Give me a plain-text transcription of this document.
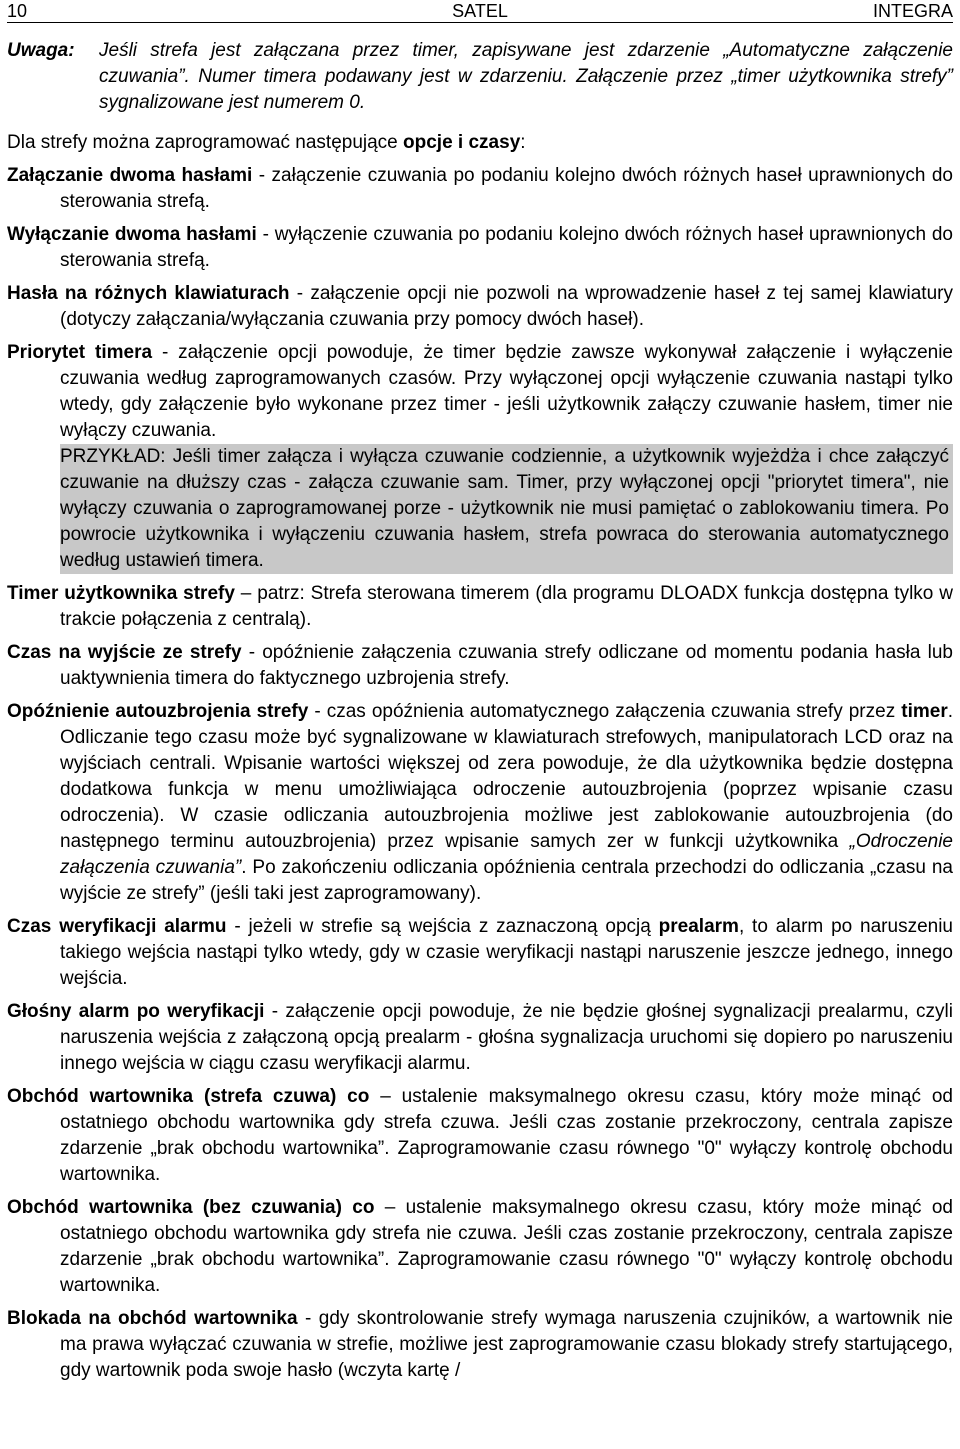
10	SATEL	INTEGRA
Uwaga: Jeśli strefa jest załączana przez timer, zapisywane jest zdarzenie „Automatyczne załączenie czuwania”. Numer timera podawany jest w zdarzeniu. Załączenie przez „timer użytkownika strefy” sygnalizowane jest numerem 0.
Dla strefy można zaprogramować następujące opcje i czasy:
Załączanie dwoma hasłami - załączenie czuwania po podaniu kolejno dwóch różnych haseł uprawnionych do sterowania strefą.
Wyłączanie dwoma hasłami - wyłączenie czuwania po podaniu kolejno dwóch różnych haseł uprawnionych do sterowania strefą.
Hasła na różnych klawiaturach - załączenie opcji nie pozwoli na wprowadzenie haseł z tej samej klawiatury (dotyczy załączania/wyłączania czuwania przy pomocy dwóch haseł).
Priorytet timera - załączenie opcji powoduje, że timer będzie zawsze wykonywał załączenie i wyłączenie czuwania według zaprogramowanych czasów. Przy wyłączonej opcji wyłączenie czuwania nastąpi tylko wtedy, gdy załączenie było wykonane przez timer - jeśli użytkownik załączy czuwanie hasłem, timer nie wyłączy czuwania.
PRZYKŁAD: Jeśli timer załącza i wyłącza czuwanie codziennie, a użytkownik wyjeżdża i chce załączyć czuwanie na dłuższy czas - załącza czuwanie sam. Timer, przy wyłączonej opcji "priorytet timera", nie wyłączy czuwania o zaprogramowanej porze - użytkownik nie musi pamiętać o zablokowaniu timera. Po powrocie użytkownika i wyłączeniu czuwania hasłem, strefa powraca do sterowania automatycznego według ustawień timera.
Timer użytkownika strefy – patrz: Strefa sterowana timerem (dla programu DLOADX funkcja dostępna tylko w trakcie połączenia z centralą).
Czas na wyjście ze strefy - opóźnienie załączenia czuwania strefy odliczane od momentu podania hasła lub uaktywnienia timera do faktycznego uzbrojenia strefy.
Opóźnienie autouzbrojenia strefy - czas opóźnienia automatycznego załączenia czuwania strefy przez timer. Odliczanie tego czasu może być sygnalizowane w klawiaturach strefowych, manipulatorach LCD oraz na wyjściach centrali. Wpisanie wartości większej od zera powoduje, że dla użytkownika będzie dostępna dodatkowa funkcja w menu umożliwiająca odroczenie autouzbrojenia (poprzez wpisanie czasu odroczenia). W czasie odliczania autouzbrojenia możliwe jest zablokowanie autouzbrojenia (do następnego terminu autouzbrojenia) przez wpisanie samych zer w funkcji użytkownika „Odroczenie załączenia czuwania”. Po zakończeniu odliczania opóźnienia centrala przechodzi do odliczania „czasu na wyjście ze strefy” (jeśli taki jest zaprogramowany).
Czas weryfikacji alarmu - jeżeli w strefie są wejścia z zaznaczoną opcją prealarm, to alarm po naruszeniu takiego wejścia nastąpi tylko wtedy, gdy w czasie weryfikacji nastąpi naruszenie jeszcze jednego, innego wejścia.
Głośny alarm po weryfikacji - załączenie opcji powoduje, że nie będzie głośnej sygnalizacji prealarmu, czyli naruszenia wejścia z załączoną opcją prealarm - głośna sygnalizacja uruchomi się dopiero po naruszeniu innego wejścia w ciągu czasu weryfikacji alarmu.
Obchód wartownika (strefa czuwa) co – ustalenie maksymalnego okresu czasu, który może minąć od ostatniego obchodu wartownika gdy strefa czuwa. Jeśli czas zostanie przekroczony, centrala zapisze zdarzenie „brak obchodu wartownika”. Zaprogramowanie czasu równego "0" wyłączy kontrolę obchodu wartownika.
Obchód wartownika (bez czuwania) co – ustalenie maksymalnego okresu czasu, który może minąć od ostatniego obchodu wartownika gdy strefa nie czuwa. Jeśli czas zostanie przekroczony, centrala zapisze zdarzenie „brak obchodu wartownika”. Zaprogramowanie czasu równego "0" wyłączy kontrolę obchodu wartownika.
Blokada na obchód wartownika - gdy skontrolowanie strefy wymaga naruszenia czujników, a wartownik nie ma prawa wyłączać czuwania w strefie, możliwe jest zaprogramowanie czasu blokady strefy startującego, gdy wartownik poda swoje hasło (wczyta kartę /
